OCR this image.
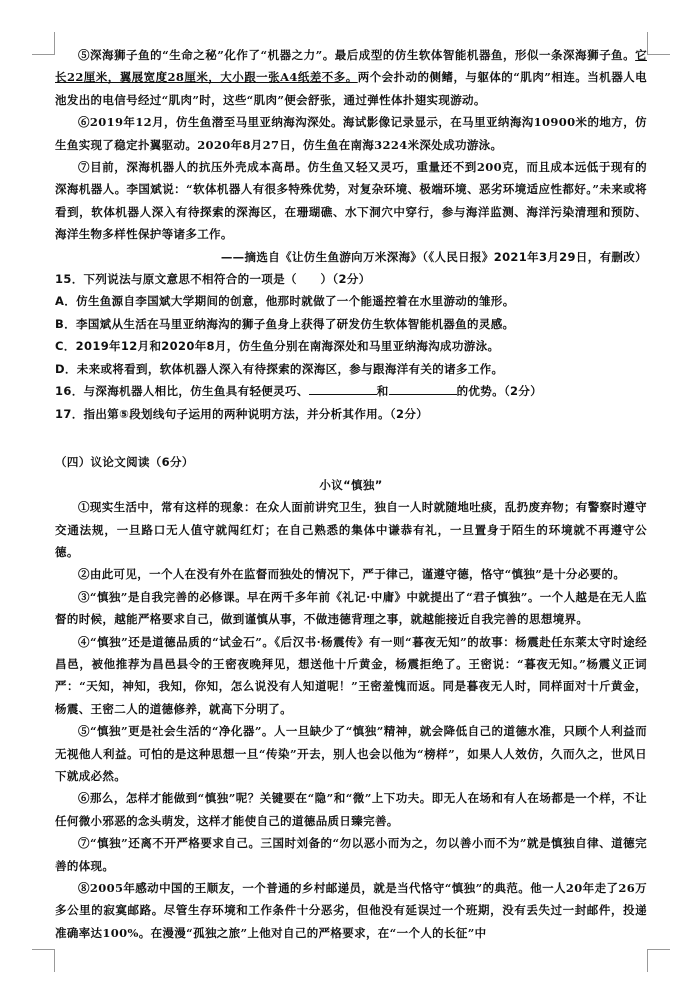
⑤深海狮子鱼的“生命之秘”化作了“机器之力”。最后成型的仿生软体智能机器鱼，形似一条深海狮子鱼。它长22厘米，翼展宽度28厘米，大小跟一张A4纸差不多。两个会扑动的侧鳍，与躯体的“肌肉”相连。当机器人电池发出的电信号经过“肌肉”时，这些“肌肉”便会舒张，通过弹性体扑翅实现游动。

⑥2019年12月，仿生鱼潜至马里亚纳海沟深处。海试影像记录显示，在马里亚纳海沟10900米的地方，仿生鱼实现了稳定扑翼驱动。2020年8月27日，仿生鱼在南海3224米深处成功游泳。

⑦目前，深海机器人的抗压外壳成本高昂。仿生鱼又轻又灵巧，重量还不到200克，而且成本远低于现有的深海机器人。李国斌说：“软体机器人有很多特殊优势，对复杂环境、极端环境、恶劣环境适应性都好。”未来或将看到，软体机器人深入有待探索的深海区，在珊瑚礁、水下洞穴中穿行，参与海洋监测、海洋污染清理和预防、海洋生物多样性保护等诸多工作。

——摘选自《让仿生鱼游向万米深海》（《人民日报》2021年3月29日，有删改）

15．下列说法与原文意思不相符合的一项是（　　）（2分）

A．仿生鱼源自李国斌大学期间的创意，他那时就做了一个能遥控着在水里游动的雏形。

B．李国斌从生活在马里亚纳海沟的狮子鱼身上获得了研发仿生软体智能机器鱼的灵感。

C．2019年12月和2020年8月，仿生鱼分别在南海深处和马里亚纳海沟成功游泳。

D．未来或将看到，软体机器人深入有待探索的深海区，参与跟海洋有关的诸多工作。

16．与深海机器人相比，仿生鱼具有轻便灵巧、	和	的优势。（2分）

17．指出第⑤段划线句子运用的两种说明方法，并分析其作用。（2分）

（四）议论文阅读（6分）

小议“慎独”

①现实生活中，常有这样的现象：在众人面前讲究卫生，独自一人时就随地吐痰，乱扔废弃物；有警察时遵守交通法规，一旦路口无人值守就闯红灯；在自己熟悉的集体中谦恭有礼，一旦置身于陌生的环境就不再遵守公德。

②由此可见，一个人在没有外在监督而独处的情况下，严于律己，谨遵守德，恪守“慎独”是十分必要的。

③“慎独”是自我完善的必修课。早在两千多年前《礼记·中庸》中就提出了“君子慎独”。一个人越是在无人监督的时候，越能严格要求自己，做到谨慎从事，不做违德背理之事，就越能接近自我完善的思想境界。

④“慎独”还是道德品质的“试金石”。《后汉书·杨震传》有一则“暮夜无知”的故事：杨震赴任东莱太守时途经昌邑，被他推荐为昌邑县令的王密夜晚拜见，想送他十斤黄金，杨震拒绝了。王密说：“暮夜无知。”杨震义正词严：“天知，神知，我知，你知，怎么说没有人知道呢！”王密羞愧而返。同是暮夜无人时，同样面对十斤黄金，杨震、王密二人的道德修养，就高下分明了。

⑤“慎独”更是社会生活的“净化器”。人一旦缺少了“慎独”精神，就会降低自己的道德水准，只顾个人利益而无视他人利益。可怕的是这种思想一旦“传染”开去，别人也会以他为“榜样”，如果人人效仿，久而久之，世风日下就成必然。

⑥那么，怎样才能做到“慎独”呢？关键要在“隐”和“微”上下功夫。即无人在场和有人在场都是一个样，不让任何微小邪恶的念头萌发，这样才能使自己的道德品质日臻完善。

⑦“慎独”还离不开严格要求自己。三国时刘备的“勿以恶小而为之，勿以善小而不为”就是慎独自律、道德完善的体现。

⑧2005年感动中国的王顺友，一个普通的乡村邮递员，就是当代恪守“慎独”的典范。他一人20年走了26万多公里的寂寞邮路。尽管生存环境和工作条件十分恶劣，但他没有延误过一个班期，没有丢失过一封邮件，投递准确率达100%。在漫漫“孤独之旅”上他对自己的严格要求，在“一个人的长征”中
